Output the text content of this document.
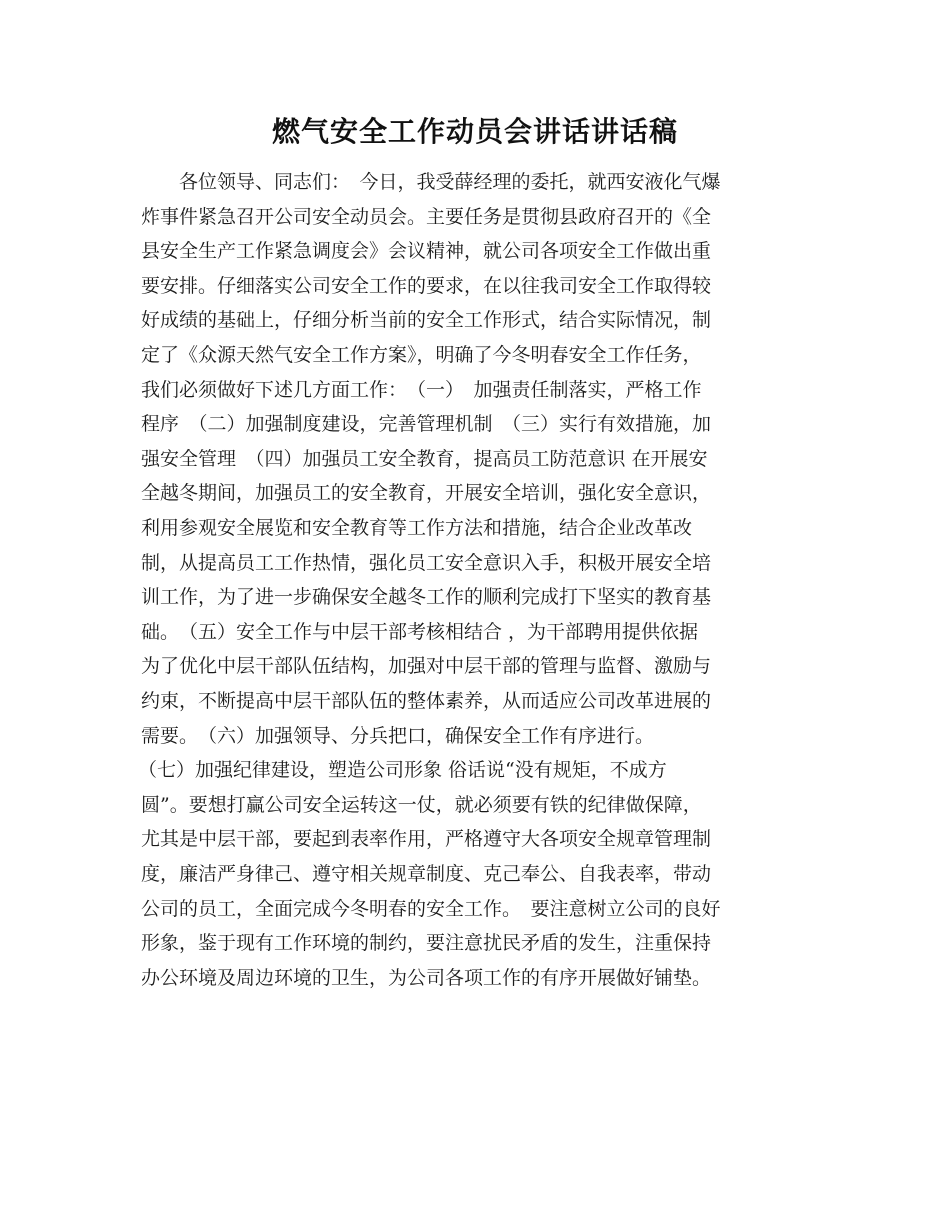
燃气安全工作动员会讲话讲话稿
　　各位领导、同志们：　今日，我受薛经理的委托，就西安液化气爆
炸事件紧急召开公司安全动员会。主要任务是贯彻县政府召开的《全
县安全生产工作紧急调度会》会议精神，就公司各项安全工作做出重
要安排。仔细落实公司安全工作的要求，在以往我司安全工作取得较
好成绩的基础上，仔细分析当前的安全工作形式，结合实际情况，制
定了《众源天然气安全工作方案》，明确了今冬明春安全工作任务，
我们必须做好下述几方面工作：　（一）　加强责任制落实，严格工作
程序　（二）加强制度建设，完善管理机制　（三）实行有效措施，加
强安全管理　（四）加强员工安全教育，提高员工防范意识 在开展安
全越冬期间，加强员工的安全教育，开展安全培训，强化安全意识，
利用参观安全展览和安全教育等工作方法和措施，结合企业改革改
制，从提高员工工作热情，强化员工安全意识入手，积极开展安全培
训工作，为了进一步确保安全越冬工作的顺利完成打下坚实的教育基
础。　（五）安全工作与中层干部考核相结合 ，为干部聘用提供依据
为了优化中层干部队伍结构，加强对中层干部的管理与监督、激励与
约束，不断提高中层干部队伍的整体素养，从而适应公司改革进展的
需要。　（六）加强领导、分兵把口，确保安全工作有序进行。
（七）加强纪律建设，塑造公司形象 俗话说“没有规矩，不成方
圆”。要想打赢公司安全运转这一仗，就必须要有铁的纪律做保障，
尤其是中层干部，要起到表率作用，严格遵守大各项安全规章管理制
度，廉洁严身律己、遵守相关规章制度、克己奉公、自我表率，带动
公司的员工，全面完成今冬明春的安全工作。　要注意树立公司的良好
形象，鉴于现有工作环境的制约，要注意扰民矛盾的发生，注重保持
办公环境及周边环境的卫生，为公司各项工作的有序开展做好铺垫。
